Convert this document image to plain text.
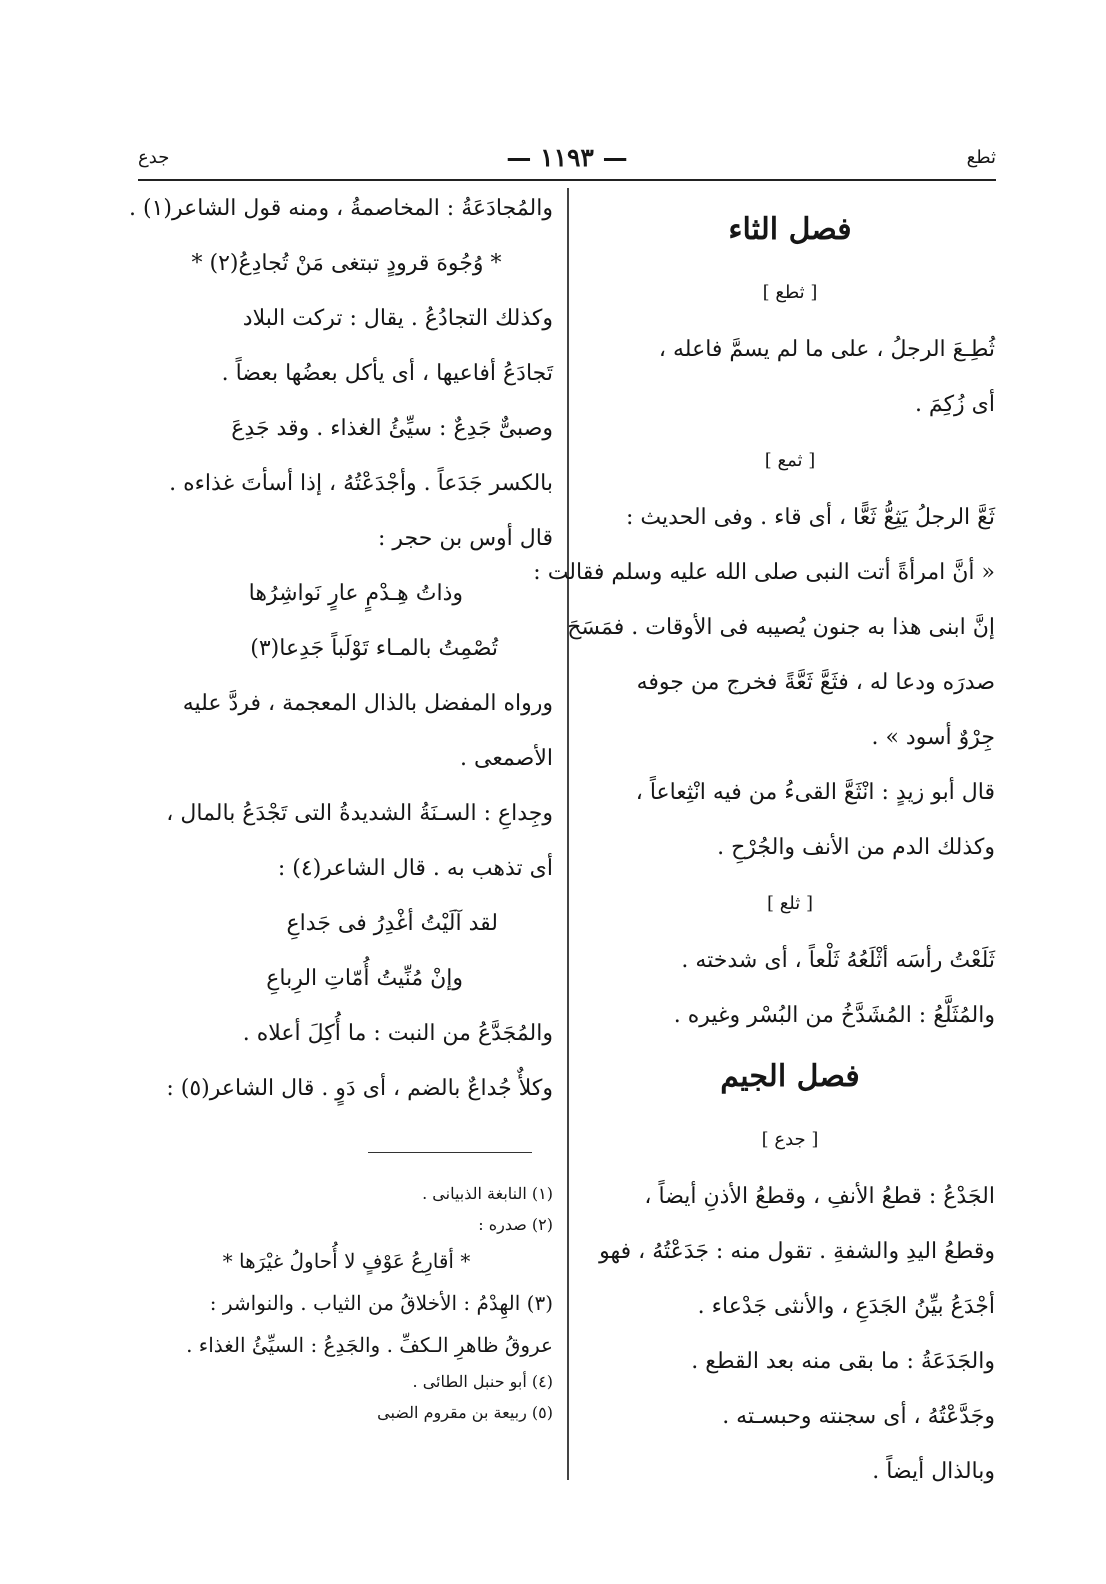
ثطع
— ١١٩٣ —
جدع
فصل الثاء
[ ثطع ]
ثُطِـعَ الرجلُ ، على ما لم يسمَّ فاعله ،
أى زُكِمَ .
[ ثمع ]
ثَعَّ الرجلُ يَثِعُّ ثَعًّا ، أى قاء . وفى الحديث :
« أنَّ امرأةً أتت النبى صلى الله عليه وسلم فقالت :
إنَّ ابنى هذا به جنون يُصيبه فى الأوقات . فمَسَحَ
صدرَه ودعا له ، فثَعَّ ثَعَّةً فخرج من جوفه
جِرْوٌ أسود » .
قال أبو زيدٍ : انْثَعَّ القىءُ من فيه انْثِعاعاً ،
وكذلك الدم من الأنف والجُرْحِ .
[ ثلع ]
ثَلَعْتُ رأسَه أثْلَعُهُ ثَلْعاً ، أى شدخته .
والمُثَلَّعُ : المُشَدَّخُ من البُسْر وغيره .
فصل الجيم
[ جدع ]
الجَدْعُ : قطعُ الأنفِ ، وقطعُ الأذنِ أيضاً ،
وقطعُ اليدِ والشفةِ . تقول منه : جَدَعْتُهُ ، فهو
أجْدَعُ بيِّنُ الجَدَعِ ، والأنثى جَدْعاء .
والجَدَعَةُ : ما بقى منه بعد القطع .
وجَدَّعْتُهُ ، أى سجنته وحبسـته .
وبالذال أيضاً .
والمُجادَعَةُ : المخاصمةُ ، ومنه قول الشاعر(١) .
* وُجُوهَ قرودٍ تبتغى مَنْ تُجادِعُ(٢) *
وكذلك التجادُعُ . يقال : تركت البلاد
تَجادَعُ أفاعيها ، أى يأكل بعضُها بعضاً .
وصبىٌّ جَدِعٌ : سيِّئُ الغذاء . وقد جَدِعَ
بالكسر جَدَعاً . وأجْدَعْتُهُ ، إذا أسأتَ غذاءه .
قال أوس بن حجر :
وذاتُ هِـدْمٍ عارٍ نَواشِرُها
تُصْمِتُ بالمـاء تَوْلَباً جَدِعا(٣)
ورواه المفضل بالذال المعجمة ، فردَّ عليه
الأصمعى .
وجِداعِ : السـنَةُ الشديدةُ التى تَجْدَعُ بالمال ،
أى تذهب به . قال الشاعر(٤) :
لقد آلَيْتُ أغْدِرُ فى جَداعِ
وإنْ مُنِّيتُ أُمّاتِ الرِباعِ
والمُجَدَّعُ من النبت : ما أُكِلَ أعلاه .
وكلأٌ جُداعٌ بالضم ، أى دَوٍ . قال الشاعر(٥) :
(١) النابغة الذبيانى .
(٢) صدره :
* أقارِعُ عَوْفٍ لا أُحاولُ غيْرَها *
(٣) الهِدْمُ : الأخلاقُ من الثياب . والنواشر :
عروقُ ظاهرِ الـكفِّ . والجَدِعُ : السيِّئُ الغذاء .
(٤) أبو حنبل الطائى .
(٥) ربيعة بن مقروم الضبى
